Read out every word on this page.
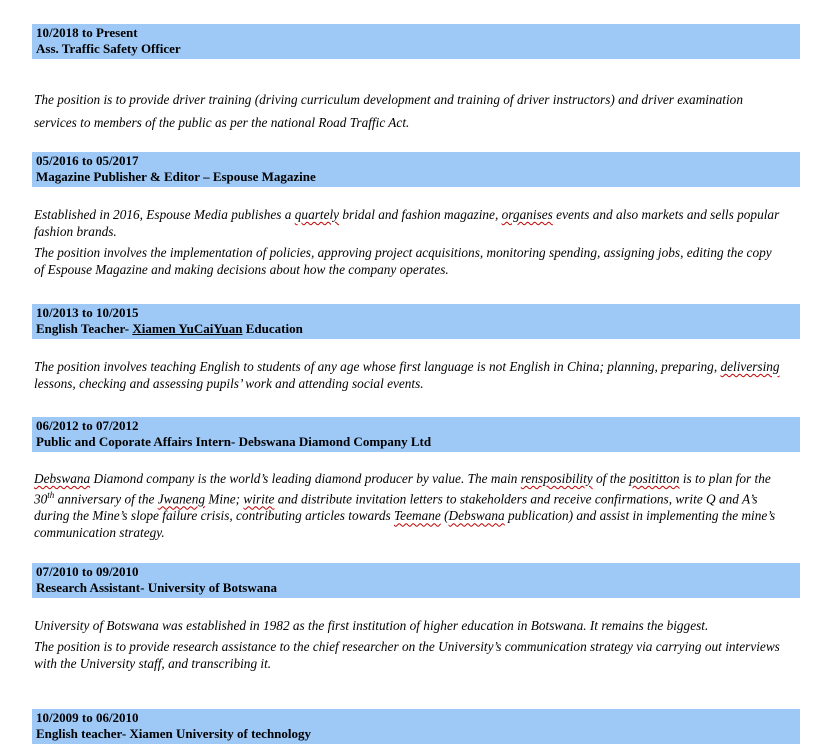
10/2018 to Present
Ass. Traffic Safety Officer

The position is to provide driver training (driving curriculum development and training of driver instructors) and driver examination services to members of the public as per the national Road Traffic Act.

05/2016 to 05/2017
Magazine Publisher & Editor – Espouse Magazine

Established in 2016, Espouse Media publishes a quartely bridal and fashion magazine, organises events and also markets and sells popular fashion brands.

The position involves the implementation of policies, approving project acquisitions, monitoring spending, assigning jobs, editing the copy of Espouse Magazine and making decisions about how the company operates.

10/2013 to 10/2015
English Teacher- Xiamen YuCaiYuan Education

The position involves teaching English to students of any age whose first language is not English in China; planning, preparing, deliversing lessons, checking and assessing pupils’ work and attending social events.

06/2012 to 07/2012
Public and Coporate Affairs Intern- Debswana Diamond Company Ltd

Debswana Diamond company is the world’s leading diamond producer by value. The main rensposibility of the posititton is to plan for the 30th anniversary of the Jwaneng Mine; wirite and distribute invitation letters to stakeholders and receive confirmations, write Q and A’s during the Mine’s slope failure crisis, contributing articles towards Teemane (Debswana publication) and assist in implementing the mine’s communication strategy.

07/2010 to 09/2010
Research Assistant- University of Botswana

University of Botswana was established in 1982 as the first institution of higher education in Botswana. It remains the biggest.

The position is to provide research assistance to the chief researcher on the University’s communication strategy via carrying out interviews with the University staff, and transcribing it.

10/2009 to 06/2010
English teacher- Xiamen University of technology
